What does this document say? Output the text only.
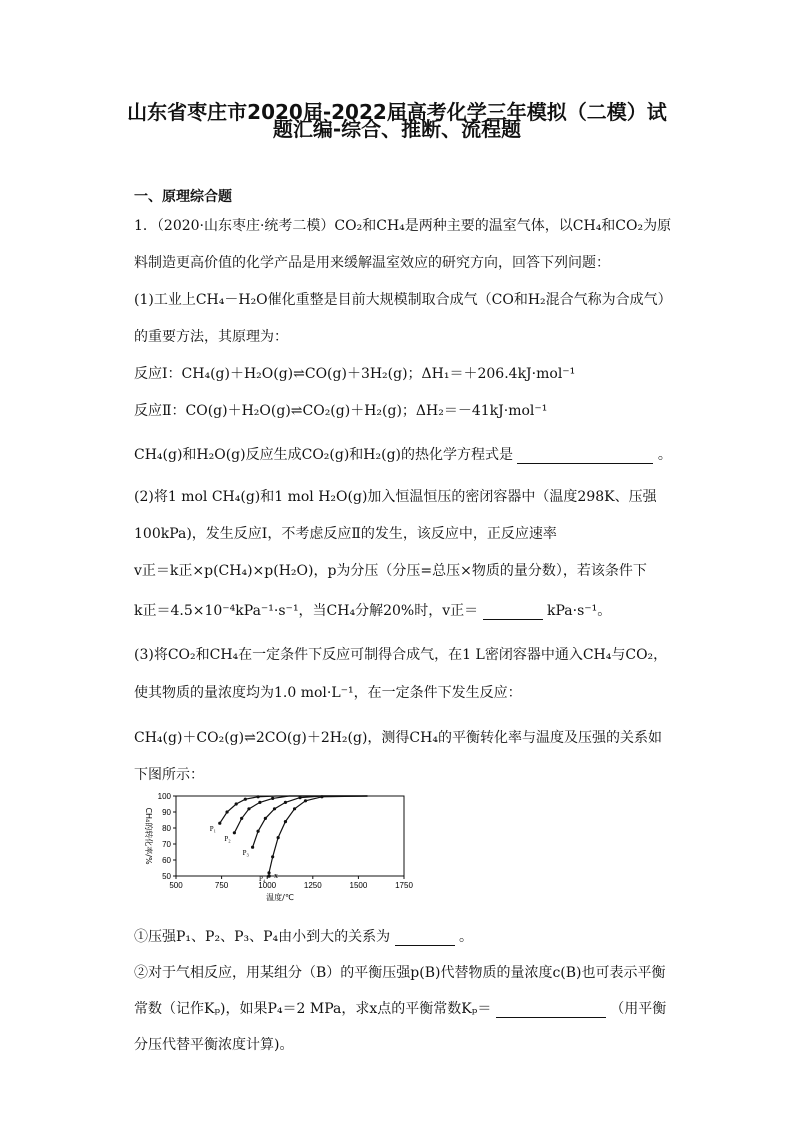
山东省枣庄市2020届-2022届高考化学三年模拟（二模）试
题汇编-综合、推断、流程题
一、原理综合题
1．（2020·山东枣庄·统考二模）CO₂和CH₄是两种主要的温室气体，以CH₄和CO₂为原
料制造更高价值的化学产品是用来缓解温室效应的研究方向，回答下列问题：
(1)工业上CH₄－H₂O催化重整是目前大规模制取合成气（CO和H₂混合气称为合成气）
的重要方法，其原理为：
反应Ⅰ：CH₄(g)＋H₂O(g)⇌CO(g)＋3H₂(g)；ΔH₁＝＋206.4kJ·mol⁻¹
反应Ⅱ：CO(g)＋H₂O(g)⇌CO₂(g)＋H₂(g)；ΔH₂＝－41kJ·mol⁻¹
CH₄(g)和H₂O(g)反应生成CO₂(g)和H₂(g)的热化学方程式是	。
(2)将1 mol CH₄(g)和1 mol H₂O(g)加入恒温恒压的密闭容器中（温度298K、压强
100kPa)，发生反应Ⅰ，不考虑反应Ⅱ的发生，该反应中，正反应速率
v正＝k正×p(CH₄)×p(H₂O)，p为分压（分压=总压×物质的量分数），若该条件下
k正＝4.5×10⁻⁴kPa⁻¹·s⁻¹，当CH₄分解20%时，v正＝	kPa·s⁻¹。
(3)将CO₂和CH₄在一定条件下反应可制得合成气，在1 L密闭容器中通入CH₄与CO₂，
使其物质的量浓度均为1.0 mol·L⁻¹，在一定条件下发生反应：
CH₄(g)＋CO₂(g)⇌2CO(g)＋2H₂(g)，测得CH₄的平衡转化率与温度及压强的关系如
下图所示：
50
60
70
80
90
100
500	750	1000	1250	1500	1750
温度/℃
CH₄的转化率/%	P₁
P₂
P₃
P₄ x
①压强P₁、P₂、P₃、P₄由小到大的关系为	。
②对于气相反应，用某组分（B）的平衡压强p(B)代替物质的量浓度c(B)也可表示平衡
常数（记作Kₚ)，如果P₄＝2 MPa，求x点的平衡常数Kₚ＝	（用平衡
分压代替平衡浓度计算)。
